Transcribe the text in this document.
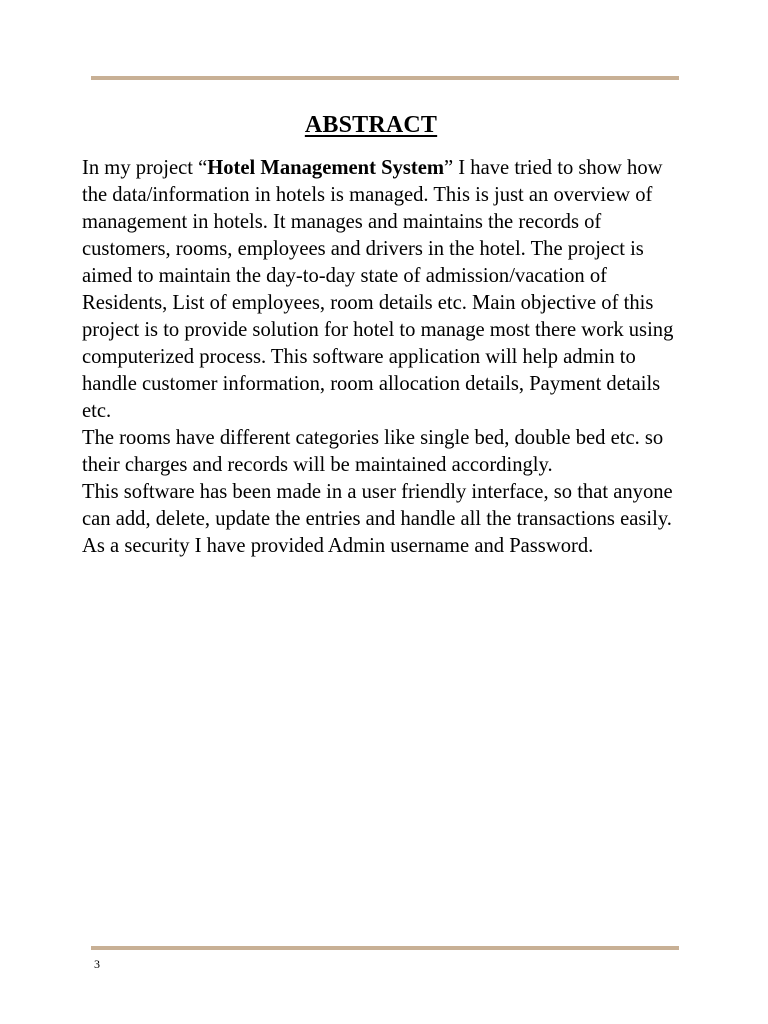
ABSTRACT
In my project “Hotel Management System” I have tried to show how
the data/information in hotels is managed. This is just an overview of
management in hotels. It manages and maintains the records of
customers, rooms, employees and drivers in the hotel. The project is
aimed to maintain the day-to-day state of admission/vacation of
Residents, List of employees, room details etc. Main objective of this
project is to provide solution for hotel to manage most there work using
computerized process. This software application will help admin to
handle customer information, room allocation details, Payment details
etc.
The rooms have different categories like single bed, double bed etc. so
their charges and records will be maintained accordingly.
This software has been made in a user friendly interface, so that anyone
can add, delete, update the entries and handle all the transactions easily.
As a security I have provided Admin username and Password.
3
